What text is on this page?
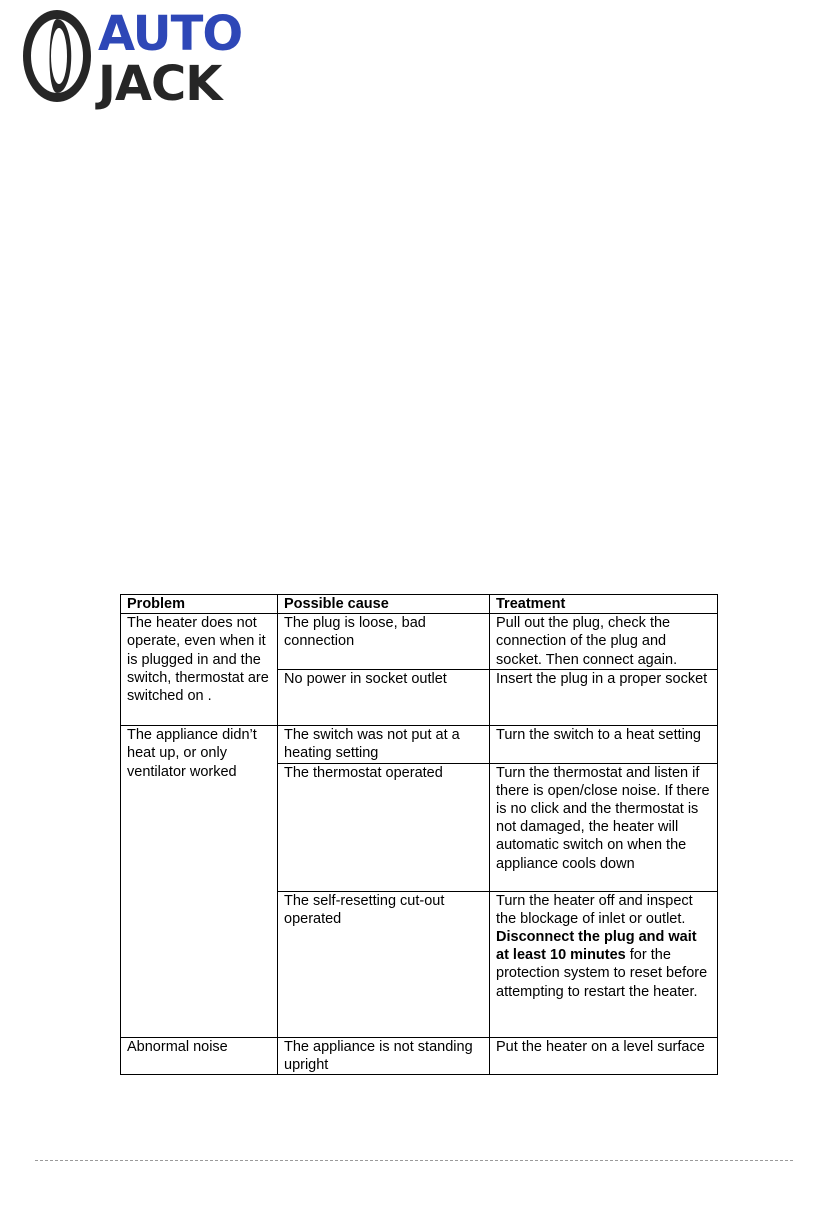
AUTO
JACK
Problem	Possible cause	Treatment
The heater does not operate, even when it is plugged in and the switch, thermostat are switched on .	The plug is loose, bad connection	Pull out the plug, check the connection of the plug and socket. Then connect again.
	No power in socket outlet	Insert the plug in a proper socket
The appliance didn’t heat up, or only ventilator worked	The switch was not put at a heating setting	Turn the switch to a heat setting
	The thermostat operated	Turn the thermostat and listen if there is open/close noise. If there is no click and the thermostat is not damaged, the heater will automatic switch on when the appliance cools down
	The self-resetting cut-out operated	Turn the heater off and inspect the blockage of inlet or outlet. Disconnect the plug and wait at least 10 minutes for the protection system to reset before attempting to restart the heater.
Abnormal noise	The appliance is not standing upright	Put the heater on a level surface
